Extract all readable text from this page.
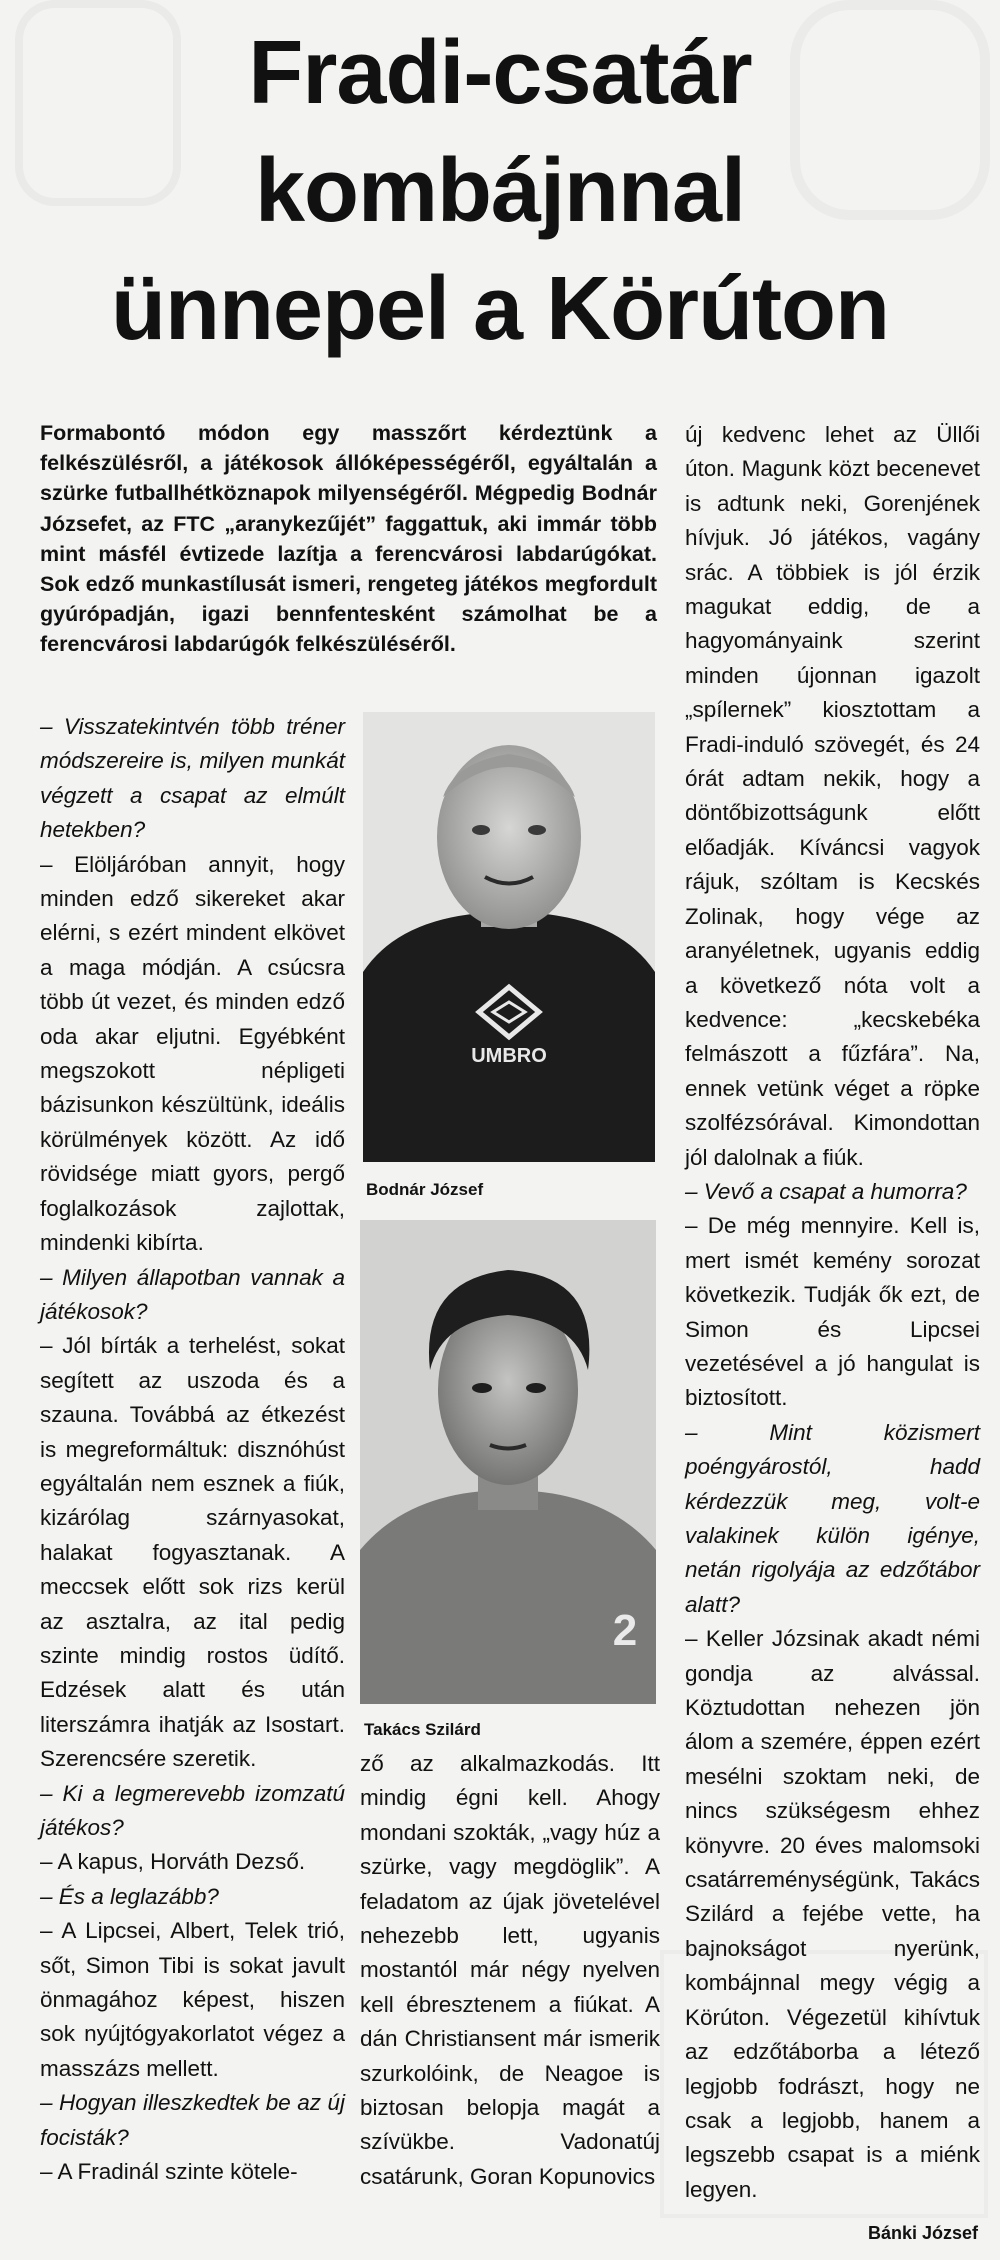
Fradi-csatár
kombájnnal
ünnepel a Körúton
Formabontó módon egy masszőrt kérdeztünk a felkészülésről, a játékosok állóképességéről, egyáltalán a szürke futballhétköznapok milyenségéről. Mégpedig Bodnár Józsefet, az FTC „aranykezűjét” faggattuk, aki immár több mint másfél évtizede lazítja a ferencvárosi labdarúgókat. Sok edző munkastílusát ismeri, rengeteg játékos megfordult gyúrópadján, igazi bennfentesként számolhat be a ferencvárosi labdarúgók felkészüléséről.

– Visszatekintvén több tréner módszereire is, milyen munkát végzett a csapat az elmúlt hetekben?

– Elöljáróban annyit, hogy minden edző sikereket akar elérni, s ezért mindent elkövet a maga módján. A csúcsra több út vezet, és minden edző oda akar eljutni. Egyébként megszokott népligeti bázisunkon készültünk, ideális körülmények között. Az idő rövidsége miatt gyors, pergő foglalkozások zajlottak, mindenki kibírta.

– Milyen állapotban vannak a játékosok?

– Jól bírták a terhelést, sokat segített az uszoda és a szauna. Továbbá az étkezést is megreformáltuk: disznóhúst egyáltalán nem esznek a fiúk, kizárólag szárnyasokat, halakat fogyasztanak. A meccsek előtt sok rizs kerül az asztalra, az ital pedig szinte mindig rostos üdítő. Edzések alatt és után literszámra ihatják az Isostart. Szerencsére szeretik.

– Ki a legmerevebb izomzatú játékos?

– A kapus, Horváth Dezső.

– És a leglazább?

– A Lipcsei, Albert, Telek trió, sőt, Simon Tibi is sokat javult önmagához képest, hiszen sok nyújtógyakorlatot végez a masszázs mellett.

– Hogyan illeszkedtek be az új focisták?

– A Fradinál szinte kötele-

UMBRO
Bodnár József
2
Takács Szilárd

ző az alkalmazkodás. Itt mindig égni kell. Ahogy mondani szokták, „vagy húz a szürke, vagy megdöglik”. A feladatom az újak jövetelével nehezebb lett, ugyanis mostantól már négy nyelven kell ébresztenem a fiúkat. A dán Christiansent már ismerik szurkolóink, de Neagoe is biztosan belopja magát a szívükbe. Vadonatúj csatárunk, Goran Kopunovics

új kedvenc lehet az Üllői úton. Magunk közt becenevet is adtunk neki, Gorenjének hívjuk. Jó játékos, vagány srác. A többiek is jól érzik magukat eddig, de a hagyományaink szerint minden újonnan igazolt „spílernek” kiosztottam a Fradi-induló szövegét, és 24 órát adtam nekik, hogy a döntőbizottságunk előtt előadják. Kíváncsi vagyok rájuk, szóltam is Kecskés Zolinak, hogy vége az aranyéletnek, ugyanis eddig a következő nóta volt a kedvence: „kecskebéka felmászott a fűzfára”. Na, ennek vetünk véget a röpke szolfézsórával. Kimondottan jól dalolnak a fiúk.

– Vevő a csapat a humorra?

– De még mennyire. Kell is, mert ismét kemény sorozat következik. Tudják ők ezt, de Simon és Lipcsei vezetésével a jó hangulat is biztosított.

– Mint közismert poéngyárostól, hadd kérdezzük meg, volt-e valakinek külön igénye, netán rigolyája az edzőtábor alatt?

– Keller Józsinak akadt némi gondja az alvással. Köztudottan nehezen jön álom a szemére, éppen ezért mesélni szoktam neki, de nincs szükségesm ehhez könyvre. 20 éves malomsoki csatárreménységünk, Takács Szilárd a fejébe vette, ha bajnokságot nyerünk, kombájnnal megy végig a Körúton. Végezetül kihívtuk az edzőtáborba a létező legjobb fodrászt, hogy ne csak a legjobb, hanem a legszebb csapat is a miénk legyen.

Bánki József
